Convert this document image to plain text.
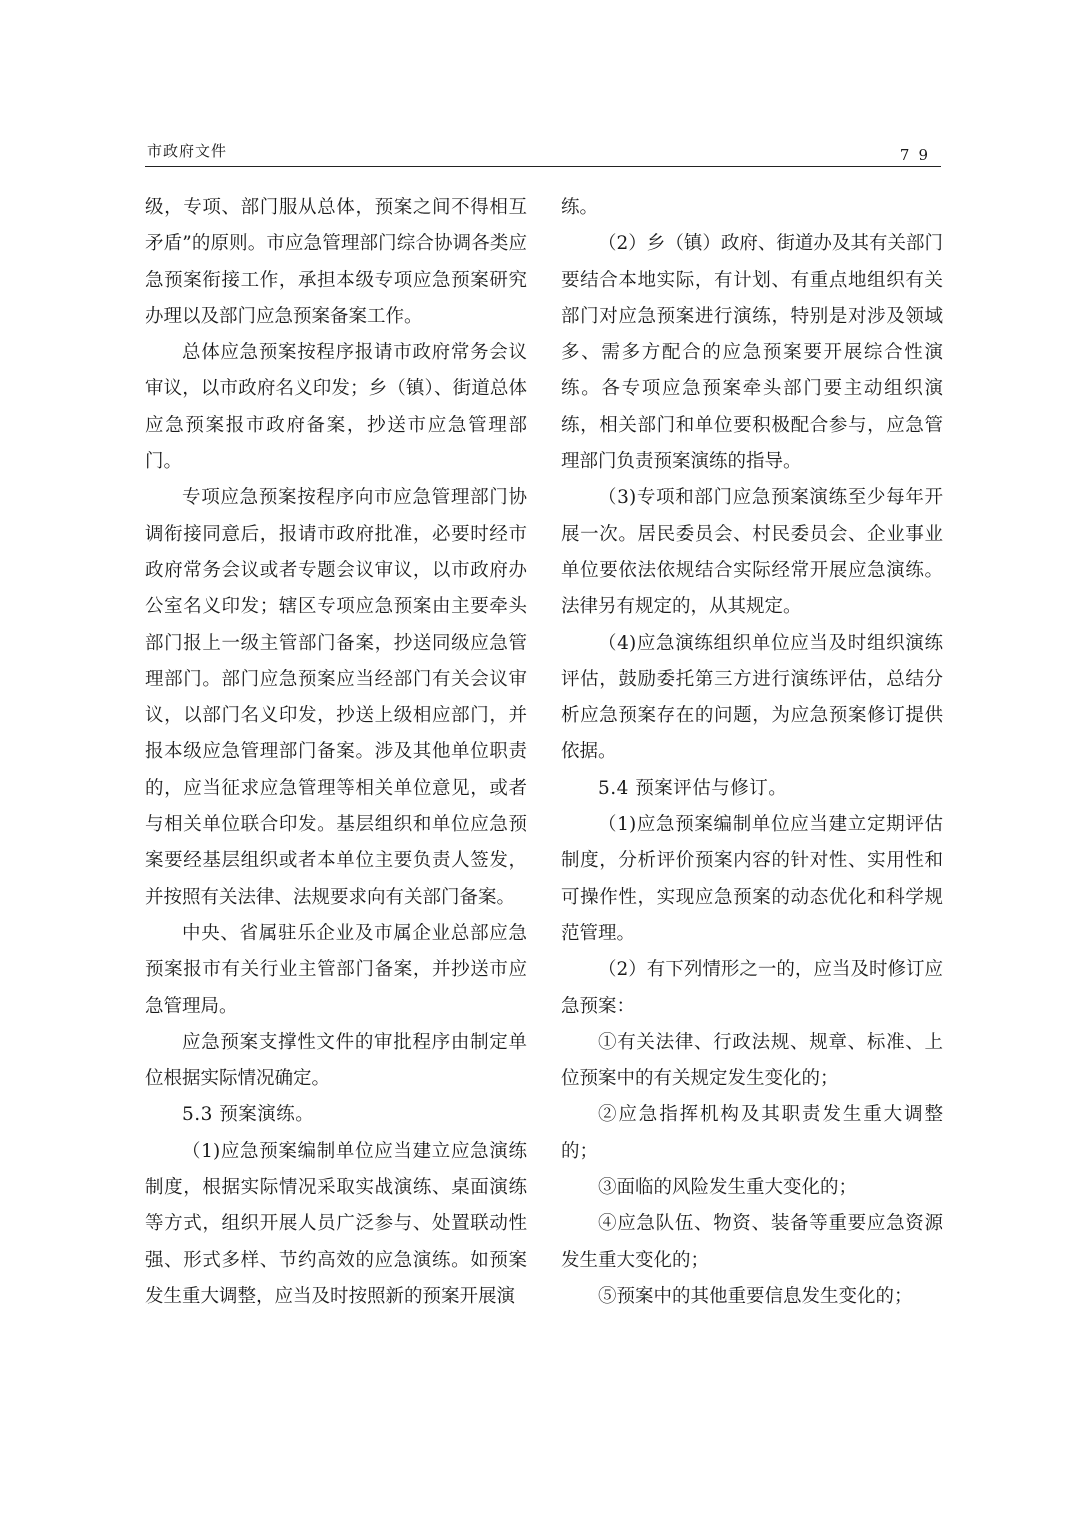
市政府文件	79

级，专项、部门服从总体，预案之间不得相互矛盾”的原则。市应急管理部门综合协调各类应急预案衔接工作，承担本级专项应急预案研究办理以及部门应急预案备案工作。

总体应急预案按程序报请市政府常务会议审议，以市政府名义印发；乡（镇）、街道总体应急预案报市政府备案，抄送市应急管理部门。

专项应急预案按程序向市应急管理部门协调衔接同意后，报请市政府批准，必要时经市政府常务会议或者专题会议审议，以市政府办公室名义印发；辖区专项应急预案由主要牵头部门报上一级主管部门备案，抄送同级应急管理部门。部门应急预案应当经部门有关会议审议，以部门名义印发，抄送上级相应部门，并报本级应急管理部门备案。涉及其他单位职责的，应当征求应急管理等相关单位意见，或者与相关单位联合印发。基层组织和单位应急预案要经基层组织或者本单位主要负责人签发，并按照有关法律、法规要求向有关部门备案。

中央、省属驻乐企业及市属企业总部应急预案报市有关行业主管部门备案，并抄送市应急管理局。

应急预案支撑性文件的审批程序由制定单位根据实际情况确定。

5.3 预案演练。

（1)应急预案编制单位应当建立应急演练制度，根据实际情况采取实战演练、桌面演练等方式，组织开展人员广泛参与、处置联动性强、形式多样、节约高效的应急演练。如预案发生重大调整，应当及时按照新的预案开展演

练。

（2）乡（镇）政府、街道办及其有关部门要结合本地实际，有计划、有重点地组织有关部门对应急预案进行演练，特别是对涉及领域多、需多方配合的应急预案要开展综合性演练。各专项应急预案牵头部门要主动组织演练，相关部门和单位要积极配合参与，应急管理部门负责预案演练的指导。

（3)专项和部门应急预案演练至少每年开展一次。居民委员会、村民委员会、企业事业单位要依法依规结合实际经常开展应急演练。法律另有规定的，从其规定。

（4)应急演练组织单位应当及时组织演练评估，鼓励委托第三方进行演练评估，总结分析应急预案存在的问题，为应急预案修订提供依据。

5.4 预案评估与修订。

（1)应急预案编制单位应当建立定期评估制度，分析评价预案内容的针对性、实用性和可操作性，实现应急预案的动态优化和科学规范管理。

（2）有下列情形之一的，应当及时修订应急预案：

①有关法律、行政法规、规章、标准、上位预案中的有关规定发生变化的；

②应急指挥机构及其职责发生重大调整的；

③面临的风险发生重大变化的；

④应急队伍、物资、装备等重要应急资源发生重大变化的；

⑤预案中的其他重要信息发生变化的；
